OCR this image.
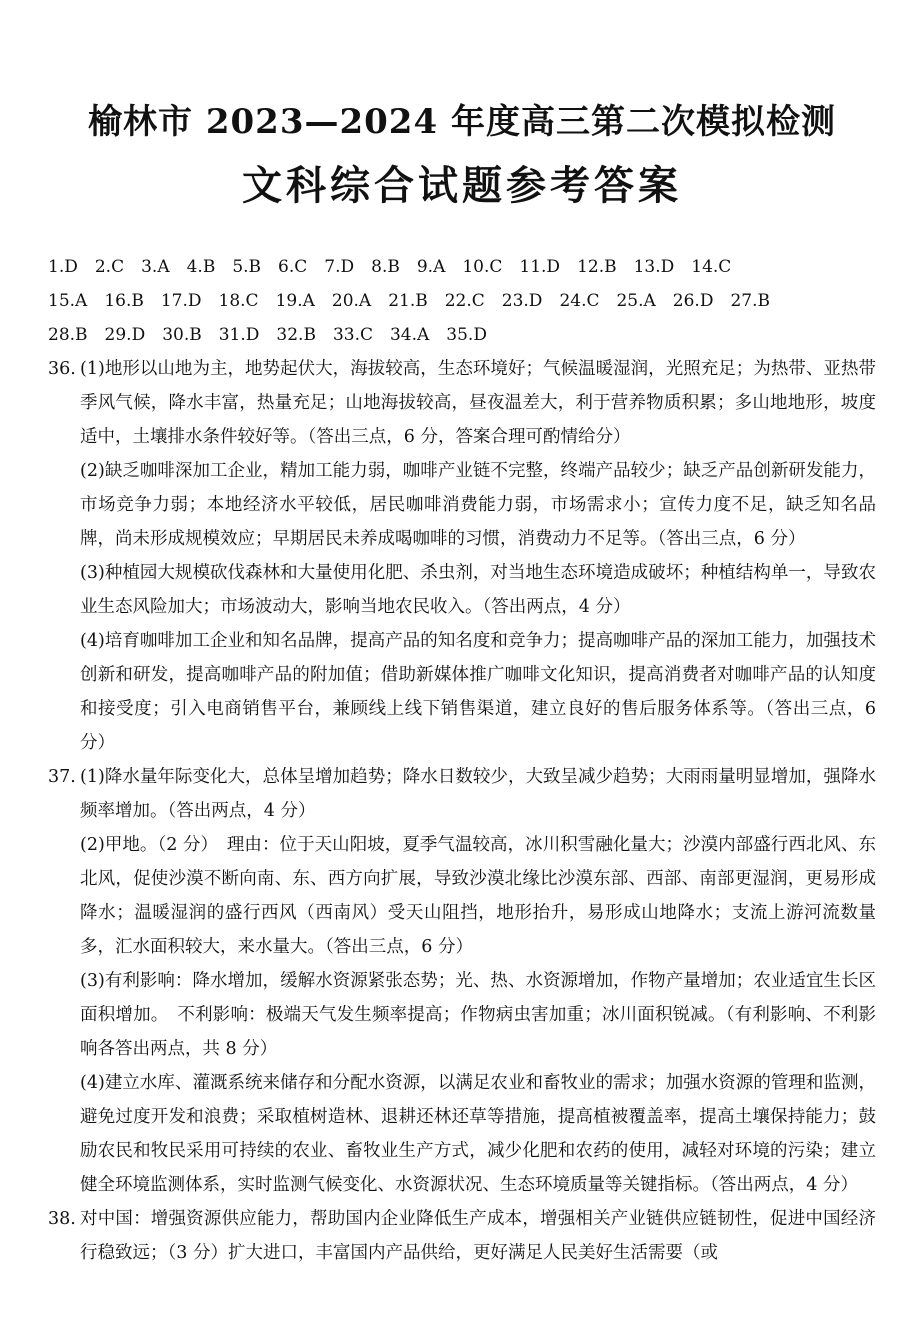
榆林市 2023—2024 年度高三第二次模拟检测
文科综合试题参考答案
1.D 2.C 3.A 4.B 5.B 6.C 7.D 8.B 9.A 10.C 11.D 12.B 13.D 14.C
15.A 16.B 17.D 18.C 19.A 20.A 21.B 22.C 23.D 24.C 25.A 26.D 27.B
28.B 29.D 30.B 31.D 32.B 33.C 34.A 35.D
36. (1)地形以山地为主，地势起伏大，海拔较高，生态环境好；气候温暖湿润，光照充足；为热带、亚热带季风气候，降水丰富，热量充足；山地海拔较高，昼夜温差大，利于营养物质积累；多山地地形，坡度适中，土壤排水条件较好等。（答出三点，6 分，答案合理可酌情给分）

(2)缺乏咖啡深加工企业，精加工能力弱，咖啡产业链不完整，终端产品较少；缺乏产品创新研发能力，市场竞争力弱；本地经济水平较低，居民咖啡消费能力弱，市场需求小；宣传力度不足，缺乏知名品牌，尚未形成规模效应；早期居民未养成喝咖啡的习惯，消费动力不足等。（答出三点，6 分）

(3)种植园大规模砍伐森林和大量使用化肥、杀虫剂，对当地生态环境造成破坏；种植结构单一，导致农业生态风险加大；市场波动大，影响当地农民收入。（答出两点，4 分）

(4)培育咖啡加工企业和知名品牌，提高产品的知名度和竞争力；提高咖啡产品的深加工能力，加强技术创新和研发，提高咖啡产品的附加值；借助新媒体推广咖啡文化知识，提高消费者对咖啡产品的认知度和接受度；引入电商销售平台，兼顾线上线下销售渠道，建立良好的售后服务体系等。（答出三点，6 分）

37. (1)降水量年际变化大，总体呈增加趋势；降水日数较少，大致呈减少趋势；大雨雨量明显增加，强降水频率增加。（答出两点，4 分）

(2)甲地。（2 分）　理由：位于天山阳坡，夏季气温较高，冰川积雪融化量大；沙漠内部盛行西北风、东北风，促使沙漠不断向南、东、西方向扩展，导致沙漠北缘比沙漠东部、西部、南部更湿润，更易形成降水；温暖湿润的盛行西风（西南风）受天山阻挡，地形抬升，易形成山地降水；支流上游河流数量多，汇水面积较大，来水量大。（答出三点，6 分）

(3)有利影响：降水增加，缓解水资源紧张态势；光、热、水资源增加，作物产量增加；农业适宜生长区面积增加。　不利影响：极端天气发生频率提高；作物病虫害加重；冰川面积锐减。（有利影响、不利影响各答出两点，共 8 分）

(4)建立水库、灌溉系统来储存和分配水资源，以满足农业和畜牧业的需求；加强水资源的管理和监测，避免过度开发和浪费；采取植树造林、退耕还林还草等措施，提高植被覆盖率，提高土壤保持能力；鼓励农民和牧民采用可持续的农业、畜牧业生产方式，减少化肥和农药的使用，减轻对环境的污染；建立健全环境监测体系，实时监测气候变化、水资源状况、生态环境质量等关键指标。（答出两点，4 分）

38. 对中国：增强资源供应能力，帮助国内企业降低生产成本，增强相关产业链供应链韧性，促进中国经济行稳致远；（3 分）扩大进口，丰富国内产品供给，更好满足人民美好生活需要（或
